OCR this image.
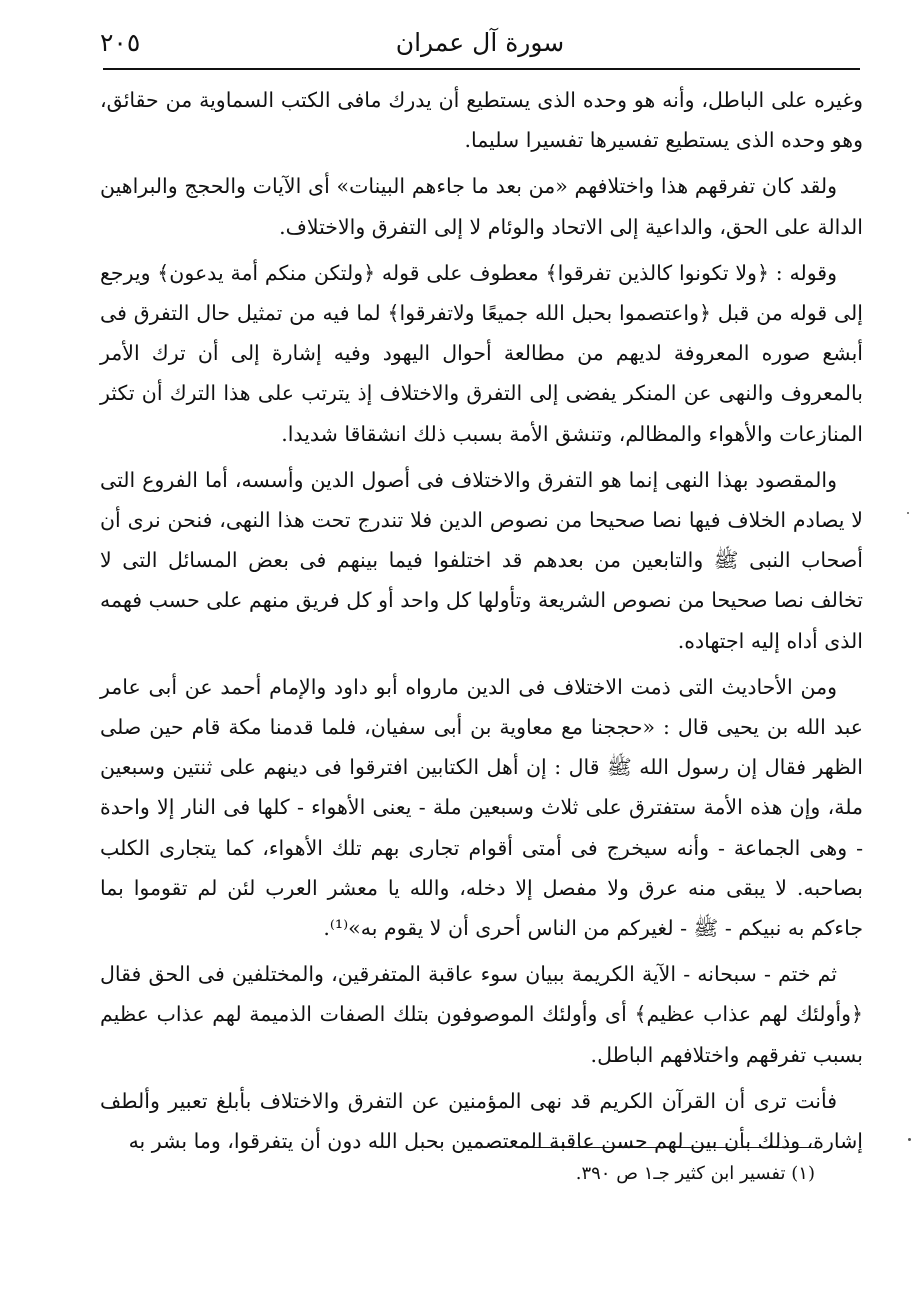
سورة آل عمران
٢٠٥

وغيره على الباطل، وأنه هو وحده الذى يستطيع أن يدرك مافى الكتب السماوية من حقائق، وهو وحده الذى يستطيع تفسيرها تفسيرا سليما.

ولقد كان تفرقهم هذا واختلافهم «من بعد ما جاءهم البينات» أى الآيات والحجج والبراهين الدالة على الحق، والداعية إلى الاتحاد والوئام لا إلى التفرق والاختلاف.

وقوله : ﴿ولا تكونوا كالذين تفرقوا﴾ معطوف على قوله ﴿ولتكن منكم أمة يدعون﴾ ويرجع إلى قوله من قبل ﴿واعتصموا بحبل الله جميعًا ولاتفرقوا﴾ لما فيه من تمثيل حال التفرق فى أبشع صوره المعروفة لديهم من مطالعة أحوال اليهود وفيه إشارة إلى أن ترك الأمر بالمعروف والنهى عن المنكر يفضى إلى التفرق والاختلاف إذ يترتب على هذا الترك أن تكثر المنازعات والأهواء والمظالم، وتنشق الأمة بسبب ذلك انشقاقا شديدا.

والمقصود بهذا النهى إنما هو التفرق والاختلاف فى أصول الدين وأسسه، أما الفروع التى لا يصادم الخلاف فيها نصا صحيحا من نصوص الدين فلا تندرج تحت هذا النهى، فنحن نرى أن أصحاب النبى ﷺ والتابعين من بعدهم قد اختلفوا فيما بينهم فى بعض المسائل التى لا تخالف نصا صحيحا من نصوص الشريعة وتأولها كل واحد أو كل فريق منهم على حسب فهمه الذى أداه إليه اجتهاده.

ومن الأحاديث التى ذمت الاختلاف فى الدين مارواه أبو داود والإمام أحمد عن أبى عامر عبد الله بن يحيى قال : «حججنا مع معاوية بن أبى سفيان، فلما قدمنا مكة قام حين صلى الظهر فقال إن رسول الله ﷺ قال : إن أهل الكتابين افترقوا فى دينهم على ثنتين وسبعين ملة، وإن هذه الأمة ستفترق على ثلاث وسبعين ملة - يعنى الأهواء - كلها فى النار إلا واحدة - وهى الجماعة - وأنه سيخرج فى أمتى أقوام تجارى بهم تلك الأهواء، كما يتجارى الكلب بصاحبه. لا يبقى منه عرق ولا مفصل إلا دخله، والله يا معشر العرب لئن لم تقوموا بما جاءكم به نبيكم - ﷺ - لغيركم من الناس أحرى أن لا يقوم به»⁽¹⁾.

ثم ختم - سبحانه - الآية الكريمة ببيان سوء عاقبة المتفرقين، والمختلفين فى الحق فقال ﴿وأولئك لهم عذاب عظيم﴾ أى وأولئك الموصوفون بتلك الصفات الذميمة لهم عذاب عظيم بسبب تفرقهم واختلافهم الباطل.

فأنت ترى أن القرآن الكريم قد نهى المؤمنين عن التفرق والاختلاف بأبلغ تعبير وألطف إشارة، وذلك بأن بين لهم حسن عاقبة المعتصمين بحبل الله دون أن يتفرقوا، وما بشر به

(١) تفسير ابن كثير جـ١ ص ٣٩٠.
